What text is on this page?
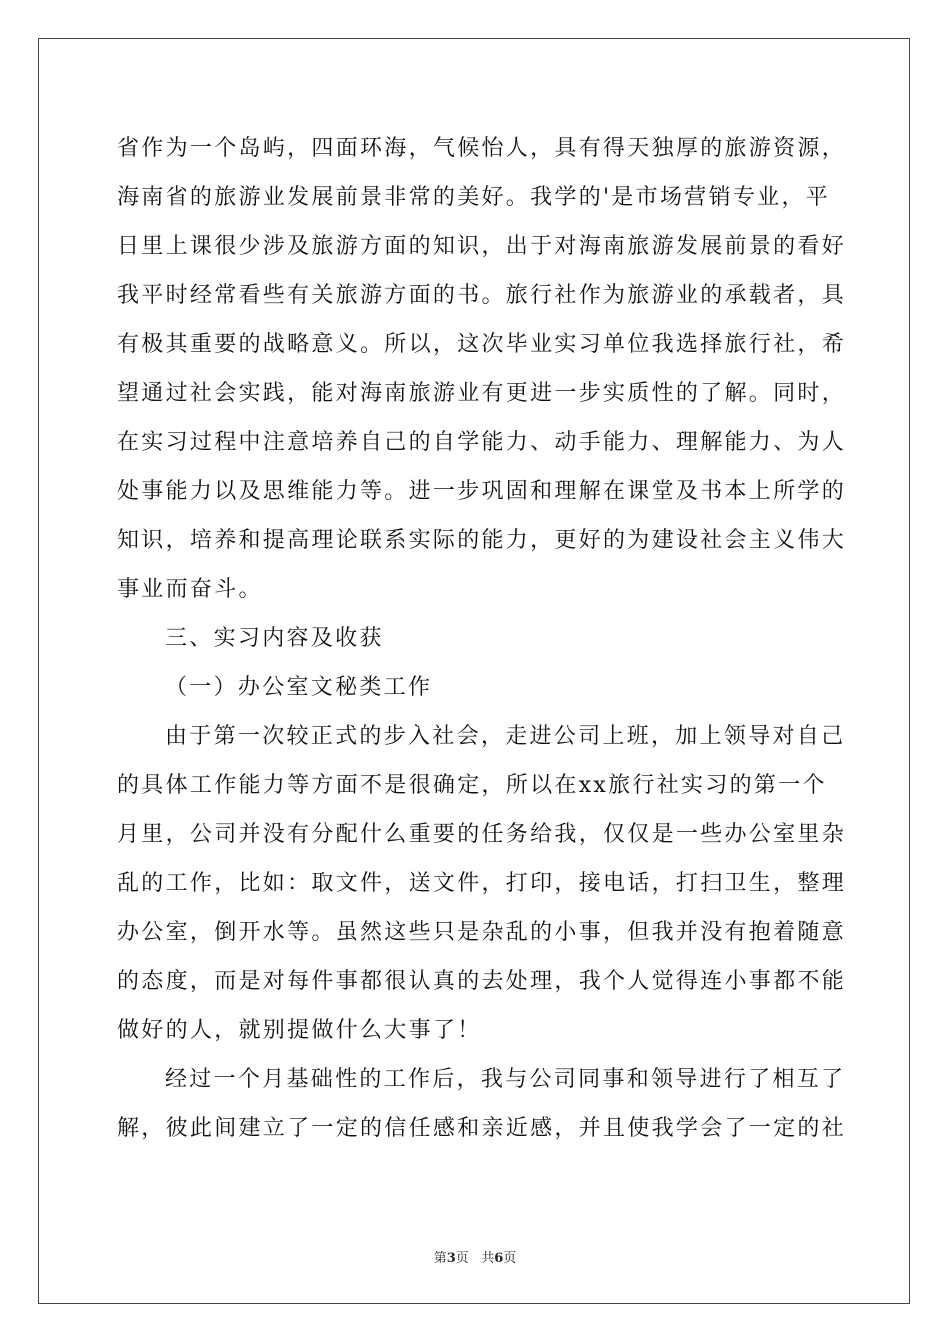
省作为一个岛屿，四面环海，气候怡人，具有得天独厚的旅游资源，
海南省的旅游业发展前景非常的美好。我学的'是市场营销专业，平
日里上课很少涉及旅游方面的知识，出于对海南旅游发展前景的看好
我平时经常看些有关旅游方面的书。旅行社作为旅游业的承载者，具
有极其重要的战略意义。所以，这次毕业实习单位我选择旅行社，希
望通过社会实践，能对海南旅游业有更进一步实质性的了解。同时，
在实习过程中注意培养自己的自学能力、动手能力、理解能力、为人
处事能力以及思维能力等。进一步巩固和理解在课堂及书本上所学的
知识，培养和提高理论联系实际的能力，更好的为建设社会主义伟大
事业而奋斗。
三、实习内容及收获
（一）办公室文秘类工作
由于第一次较正式的步入社会，走进公司上班，加上领导对自己
的具体工作能力等方面不是很确定，所以在xx旅行社实习的第一个
月里，公司并没有分配什么重要的任务给我，仅仅是一些办公室里杂
乱的工作，比如：取文件，送文件，打印，接电话，打扫卫生，整理
办公室，倒开水等。虽然这些只是杂乱的小事，但我并没有抱着随意
的态度，而是对每件事都很认真的去处理，我个人觉得连小事都不能
做好的人，就别提做什么大事了！
经过一个月基础性的工作后，我与公司同事和领导进行了相互了
解，彼此间建立了一定的信任感和亲近感，并且使我学会了一定的社
第3页 共6页
